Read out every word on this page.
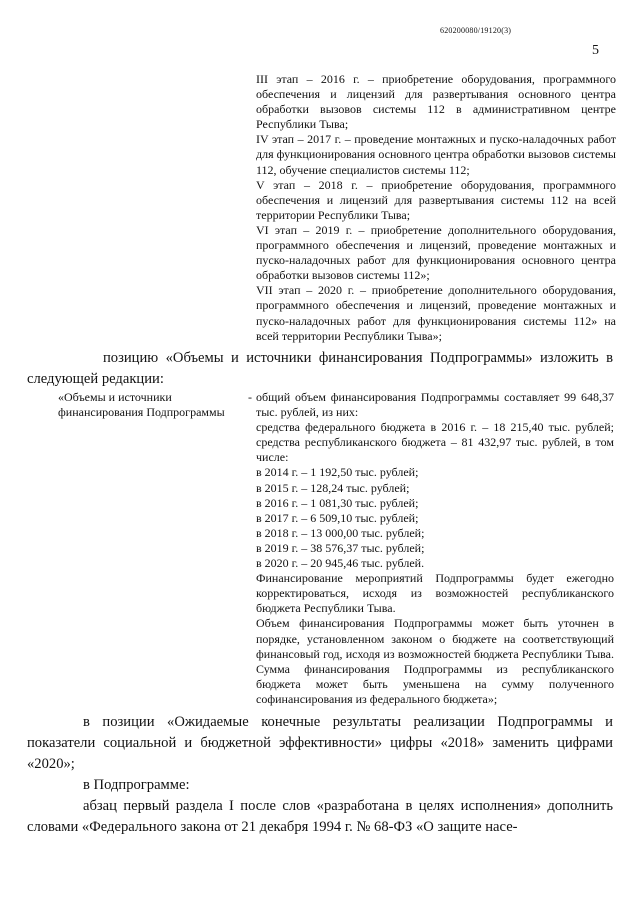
620200080/19120(3)
5

III этап – 2016 г. – приобретение оборудования, программного обеспечения и лицензий для развертывания основного центра обработки вызовов системы 112 в административном центре Республики Тыва;

IV этап – 2017 г. – проведение монтажных и пуско-наладочных работ для функционирования основного центра обработки вызовов системы 112, обучение специалистов системы 112;

V этап – 2018 г. – приобретение оборудования, программного обеспечения и лицензий для развертывания системы 112 на всей территории Республики Тыва;

VI этап – 2019 г. – приобретение дополнительного оборудования, программного обеспечения и лицензий, проведение монтажных и пуско-наладочных работ для функционирования основного центра обработки вызовов системы 112»;

VII этап – 2020 г. – приобретение дополнительного оборудования, программного обеспечения и лицензий, проведение монтажных и пуско-наладочных работ для функционирования системы 112» на всей территории Республики Тыва»;

позицию «Объемы и источники финансирования Подпрограммы» изложить в следующей редакции:
«Объемы и источники финансирования Подпрограммы
- общий объем финансирования Подпрограммы составляет 99 648,37 тыс. рублей, из них:

средства федерального бюджета в 2016 г. – 18 215,40 тыс. рублей; средства республиканского бюджета – 81 432,97 тыс. рублей, в том числе:

в 2014 г. – 1 192,50 тыс. рублей;

в 2015 г. – 128,24 тыс. рублей;

в 2016 г. – 1 081,30 тыс. рублей;

в 2017 г. – 6 509,10 тыс. рублей;

в 2018 г. – 13 000,00 тыс. рублей;

в 2019 г. – 38 576,37 тыс. рублей;

в 2020 г. – 20 945,46 тыс. рублей.

Финансирование мероприятий Подпрограммы будет ежегодно корректироваться, исходя из возможностей республиканского бюджета Республики Тыва.

Объем финансирования Подпрограммы может быть уточнен в порядке, установленном законом о бюджете на соответствующий финансовый год, исходя из возможностей бюджета Республики Тыва. Сумма финансирования Подпрограммы из республиканского бюджета может быть уменьшена на сумму полученного софинансирования из федерального бюджета»;

в позиции «Ожидаемые конечные результаты реализации Подпрограммы и показатели социальной и бюджетной эффективности» цифры «2018» заменить цифрами «2020»;
в Подпрограмме:
абзац первый раздела I после слов «разработана в целях исполнения» дополнить словами «Федерального закона от 21 декабря 1994 г. № 68-ФЗ «О защите насе-
